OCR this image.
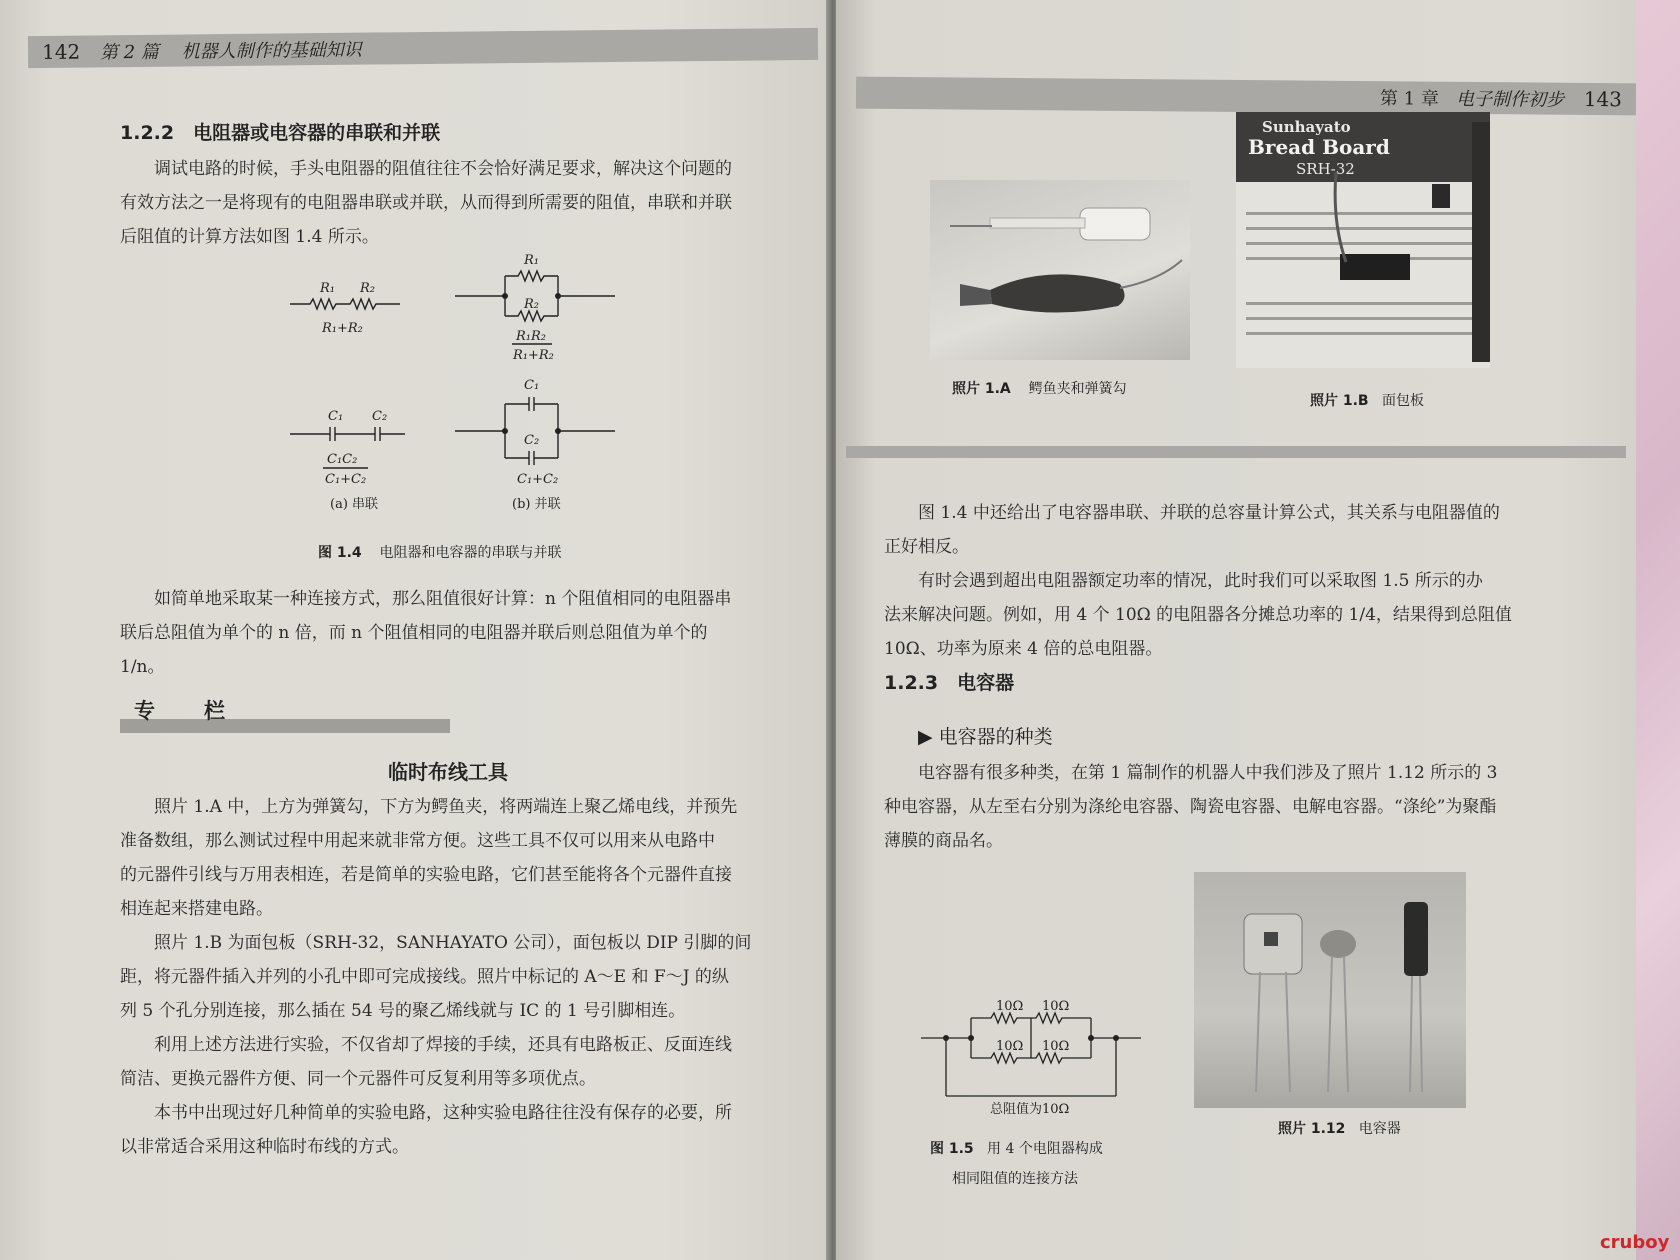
142 第 2 篇 机器人制作的基础知识
1.2.2　电阻器或电容器的串联和并联
调试电路的时候，手头电阻器的阻值往往不会恰好满足要求，解决这个问题的
有效方法之一是将现有的电阻器串联或并联，从而得到所需要的阻值，串联和并联
后阻值的计算方法如图 1.4 所示。
R₁ R₂
R₁+R₂
R₁
R₂
R₁R₂
R₁+R₂
C₁ C₂
C₁C₂
C₁+C₂
C₁
C₂
C₁+C₂
(a) 串联	(b) 并联
图 1.4 电阻器和电容器的串联与并联
如简单地采取某一种连接方式，那么阻值很好计算：n 个阻值相同的电阻器串
联后总阻值为单个的 n 倍，而 n 个阻值相同的电阻器并联后则总阻值为单个的
1/n。
专　栏
临时布线工具
照片 1.A 中，上方为弹簧勾，下方为鳄鱼夹，将两端连上聚乙烯电线，并预先
准备数组，那么测试过程中用起来就非常方便。这些工具不仅可以用来从电路中
的元器件引线与万用表相连，若是简单的实验电路，它们甚至能将各个元器件直接
相连起来搭建电路。
照片 1.B 为面包板（SRH-32，SANHAYATO 公司），面包板以 DIP 引脚的间
距，将元器件插入并列的小孔中即可完成接线。照片中标记的 A～E 和 F～J 的纵
列 5 个孔分别连接，那么插在 54 号的聚乙烯线就与 IC 的 1 号引脚相连。
利用上述方法进行实验，不仅省却了焊接的手续，还具有电路板正、反面连线
简洁、更换元器件方便、同一个元器件可反复利用等多项优点。
本书中出现过好几种简单的实验电路，这种实验电路往往没有保存的必要，所
以非常适合采用这种临时布线的方式。
第 1 章 电子制作初步 143
照片 1.A 鳄鱼夹和弹簧勾
Sunhayato
Bread Board
SRH-32
照片 1.B 面包板
图 1.4 中还给出了电容器串联、并联的总容量计算公式，其关系与电阻器值的
正好相反。
有时会遇到超出电阻器额定功率的情况，此时我们可以采取图 1.5 所示的办
法来解决问题。例如，用 4 个 10Ω 的电阻器各分摊总功率的 1/4，结果得到总阻值
10Ω、功率为原来 4 倍的总电阻器。
1.2.3　电容器
▶ 电容器的种类
电容器有很多种类，在第 1 篇制作的机器人中我们涉及了照片 1.12 所示的 3
种电容器，从左至右分别为涤纶电容器、陶瓷电容器、电解电容器。“涤纶”为聚酯
薄膜的商品名。
10Ω 10Ω
10Ω 10Ω
总阻值为10Ω
图 1.5 用 4 个电阻器构成
相同阻值的连接方法
照片 1.12 电容器
cruboy
